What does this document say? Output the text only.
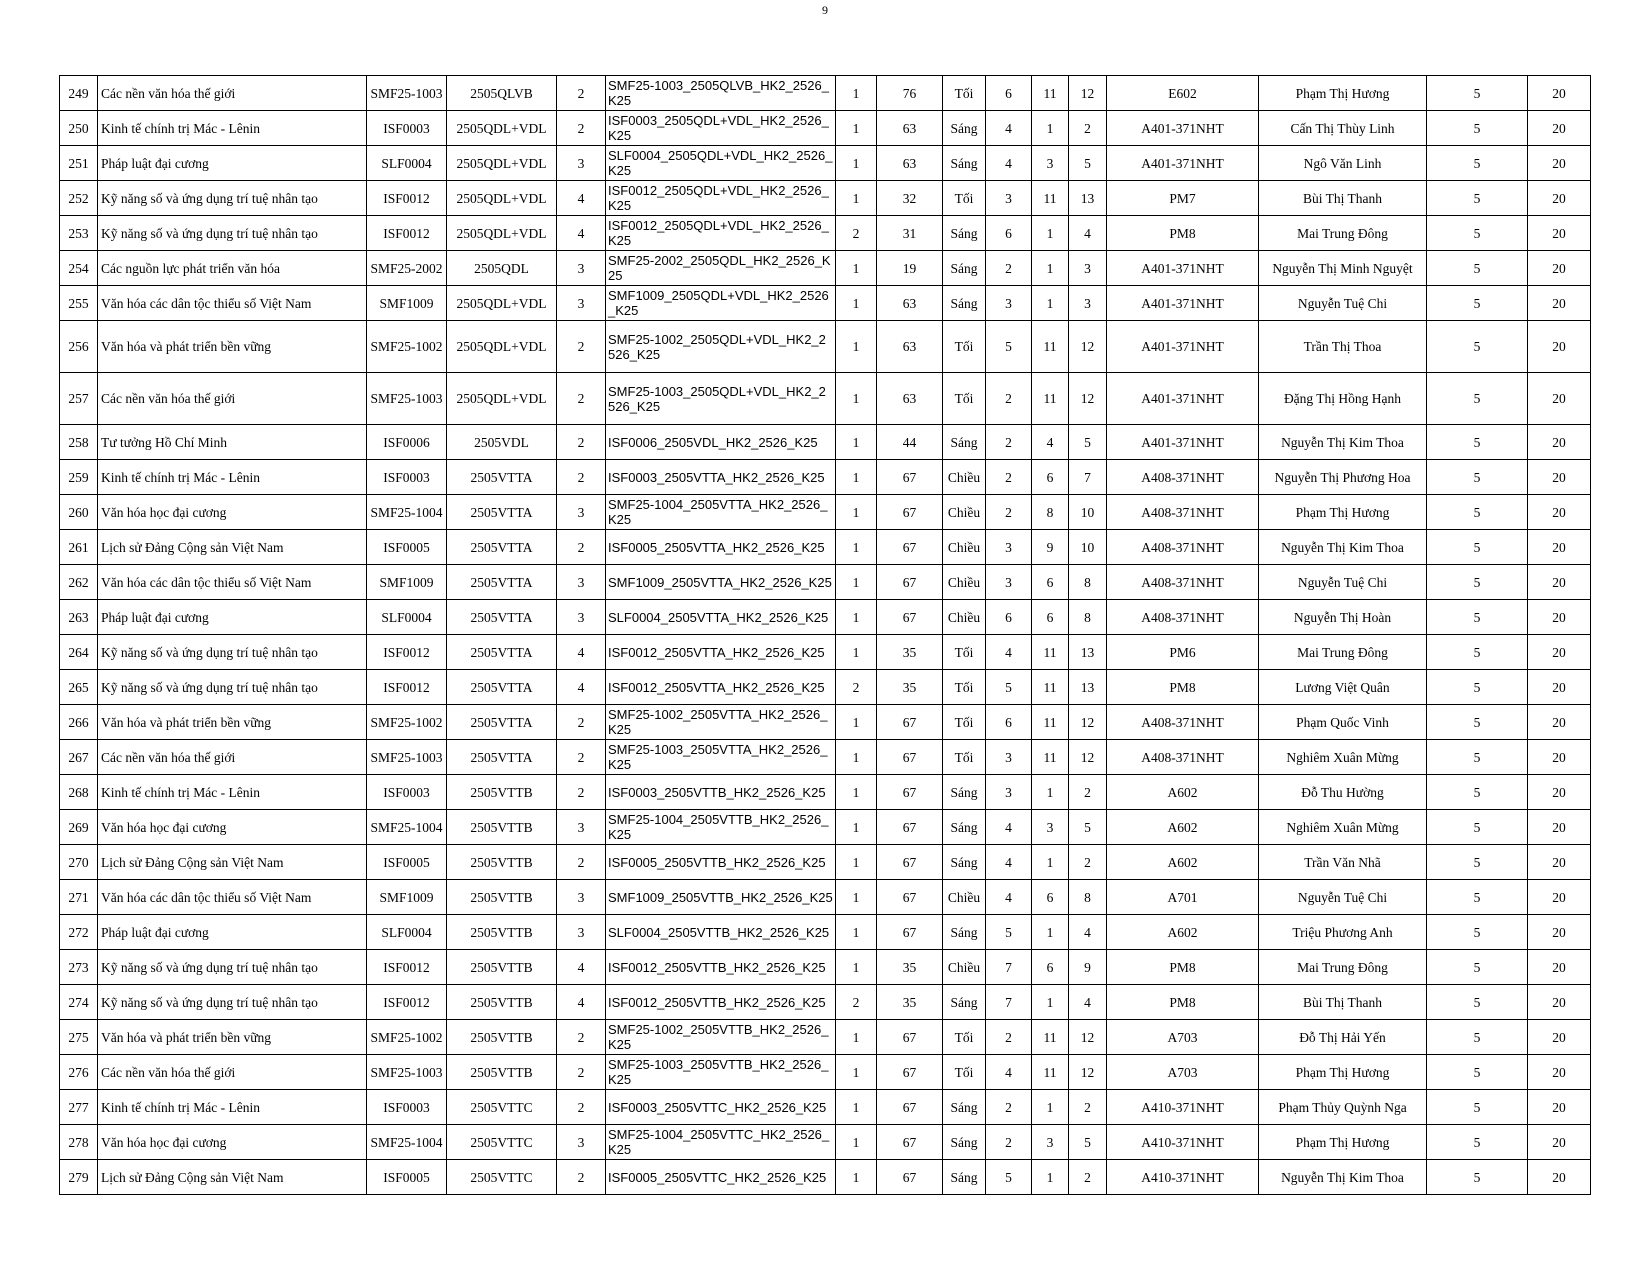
9
249	Các nền văn hóa thế giới	SMF25-1003	2505QLVB	2	SMF25-1003_2505QLVB_HK2_2526_K25	1	76	Tối	6	11	12	E602	Phạm Thị Hương	5	20
250	Kinh tế chính trị Mác - Lênin	ISF0003	2505QDL+VDL	2	ISF0003_2505QDL+VDL_HK2_2526_K25	1	63	Sáng	4	1	2	A401-371NHT	Cấn Thị Thùy Linh	5	20
251	Pháp luật đại cương	SLF0004	2505QDL+VDL	3	SLF0004_2505QDL+VDL_HK2_2526_K25	1	63	Sáng	4	3	5	A401-371NHT	Ngô Văn Linh	5	20
252	Kỹ năng số và ứng dụng trí tuệ nhân tạo	ISF0012	2505QDL+VDL	4	ISF0012_2505QDL+VDL_HK2_2526_K25	1	32	Tối	3	11	13	PM7	Bùi Thị Thanh	5	20
253	Kỹ năng số và ứng dụng trí tuệ nhân tạo	ISF0012	2505QDL+VDL	4	ISF0012_2505QDL+VDL_HK2_2526_K25	2	31	Sáng	6	1	4	PM8	Mai Trung Đông	5	20
254	Các nguồn lực phát triển văn hóa	SMF25-2002	2505QDL	3	SMF25-2002_2505QDL_HK2_2526_K25	1	19	Sáng	2	1	3	A401-371NHT	Nguyễn Thị Minh Nguyệt	5	20
255	Văn hóa các dân tộc thiểu số Việt Nam	SMF1009	2505QDL+VDL	3	SMF1009_2505QDL+VDL_HK2_2526_K25	1	63	Sáng	3	1	3	A401-371NHT	Nguyễn Tuệ Chi	5	20
256	Văn hóa và phát triển bền vững	SMF25-1002	2505QDL+VDL	2	SMF25-1002_2505QDL+VDL_HK2_2526_K25	1	63	Tối	5	11	12	A401-371NHT	Trần Thị Thoa	5	20
257	Các nền văn hóa thế giới	SMF25-1003	2505QDL+VDL	2	SMF25-1003_2505QDL+VDL_HK2_2526_K25	1	63	Tối	2	11	12	A401-371NHT	Đặng Thị Hồng Hạnh	5	20
258	Tư tưởng Hồ Chí Minh	ISF0006	2505VDL	2	ISF0006_2505VDL_HK2_2526_K25	1	44	Sáng	2	4	5	A401-371NHT	Nguyễn Thị Kim Thoa	5	20
259	Kinh tế chính trị Mác - Lênin	ISF0003	2505VTTA	2	ISF0003_2505VTTA_HK2_2526_K25	1	67	Chiều	2	6	7	A408-371NHT	Nguyễn Thị Phương Hoa	5	20
260	Văn hóa học đại cương	SMF25-1004	2505VTTA	3	SMF25-1004_2505VTTA_HK2_2526_K25	1	67	Chiều	2	8	10	A408-371NHT	Phạm Thị Hương	5	20
261	Lịch sử Đảng Cộng sản Việt Nam	ISF0005	2505VTTA	2	ISF0005_2505VTTA_HK2_2526_K25	1	67	Chiều	3	9	10	A408-371NHT	Nguyễn Thị Kim Thoa	5	20
262	Văn hóa các dân tộc thiểu số Việt Nam	SMF1009	2505VTTA	3	SMF1009_2505VTTA_HK2_2526_K25	1	67	Chiều	3	6	8	A408-371NHT	Nguyễn Tuệ Chi	5	20
263	Pháp luật đại cương	SLF0004	2505VTTA	3	SLF0004_2505VTTA_HK2_2526_K25	1	67	Chiều	6	6	8	A408-371NHT	Nguyễn Thị Hoàn	5	20
264	Kỹ năng số và ứng dụng trí tuệ nhân tạo	ISF0012	2505VTTA	4	ISF0012_2505VTTA_HK2_2526_K25	1	35	Tối	4	11	13	PM6	Mai Trung Đông	5	20
265	Kỹ năng số và ứng dụng trí tuệ nhân tạo	ISF0012	2505VTTA	4	ISF0012_2505VTTA_HK2_2526_K25	2	35	Tối	5	11	13	PM8	Lương Việt Quân	5	20
266	Văn hóa và phát triển bền vững	SMF25-1002	2505VTTA	2	SMF25-1002_2505VTTA_HK2_2526_K25	1	67	Tối	6	11	12	A408-371NHT	Phạm Quốc Vinh	5	20
267	Các nền văn hóa thế giới	SMF25-1003	2505VTTA	2	SMF25-1003_2505VTTA_HK2_2526_K25	1	67	Tối	3	11	12	A408-371NHT	Nghiêm Xuân Mừng	5	20
268	Kinh tế chính trị Mác - Lênin	ISF0003	2505VTTB	2	ISF0003_2505VTTB_HK2_2526_K25	1	67	Sáng	3	1	2	A602	Đỗ Thu Hường	5	20
269	Văn hóa học đại cương	SMF25-1004	2505VTTB	3	SMF25-1004_2505VTTB_HK2_2526_K25	1	67	Sáng	4	3	5	A602	Nghiêm Xuân Mừng	5	20
270	Lịch sử Đảng Cộng sản Việt Nam	ISF0005	2505VTTB	2	ISF0005_2505VTTB_HK2_2526_K25	1	67	Sáng	4	1	2	A602	Trần Văn Nhã	5	20
271	Văn hóa các dân tộc thiểu số Việt Nam	SMF1009	2505VTTB	3	SMF1009_2505VTTB_HK2_2526_K25	1	67	Chiều	4	6	8	A701	Nguyễn Tuệ Chi	5	20
272	Pháp luật đại cương	SLF0004	2505VTTB	3	SLF0004_2505VTTB_HK2_2526_K25	1	67	Sáng	5	1	4	A602	Triệu Phương Anh	5	20
273	Kỹ năng số và ứng dụng trí tuệ nhân tạo	ISF0012	2505VTTB	4	ISF0012_2505VTTB_HK2_2526_K25	1	35	Chiều	7	6	9	PM8	Mai Trung Đông	5	20
274	Kỹ năng số và ứng dụng trí tuệ nhân tạo	ISF0012	2505VTTB	4	ISF0012_2505VTTB_HK2_2526_K25	2	35	Sáng	7	1	4	PM8	Bùi Thị Thanh	5	20
275	Văn hóa và phát triển bền vững	SMF25-1002	2505VTTB	2	SMF25-1002_2505VTTB_HK2_2526_K25	1	67	Tối	2	11	12	A703	Đỗ Thị Hải Yến	5	20
276	Các nền văn hóa thế giới	SMF25-1003	2505VTTB	2	SMF25-1003_2505VTTB_HK2_2526_K25	1	67	Tối	4	11	12	A703	Phạm Thị Hương	5	20
277	Kinh tế chính trị Mác - Lênin	ISF0003	2505VTTC	2	ISF0003_2505VTTC_HK2_2526_K25	1	67	Sáng	2	1	2	A410-371NHT	Phạm Thủy Quỳnh Nga	5	20
278	Văn hóa học đại cương	SMF25-1004	2505VTTC	3	SMF25-1004_2505VTTC_HK2_2526_K25	1	67	Sáng	2	3	5	A410-371NHT	Phạm Thị Hương	5	20
279	Lịch sử Đảng Cộng sản Việt Nam	ISF0005	2505VTTC	2	ISF0005_2505VTTC_HK2_2526_K25	1	67	Sáng	5	1	2	A410-371NHT	Nguyễn Thị Kim Thoa	5	20
